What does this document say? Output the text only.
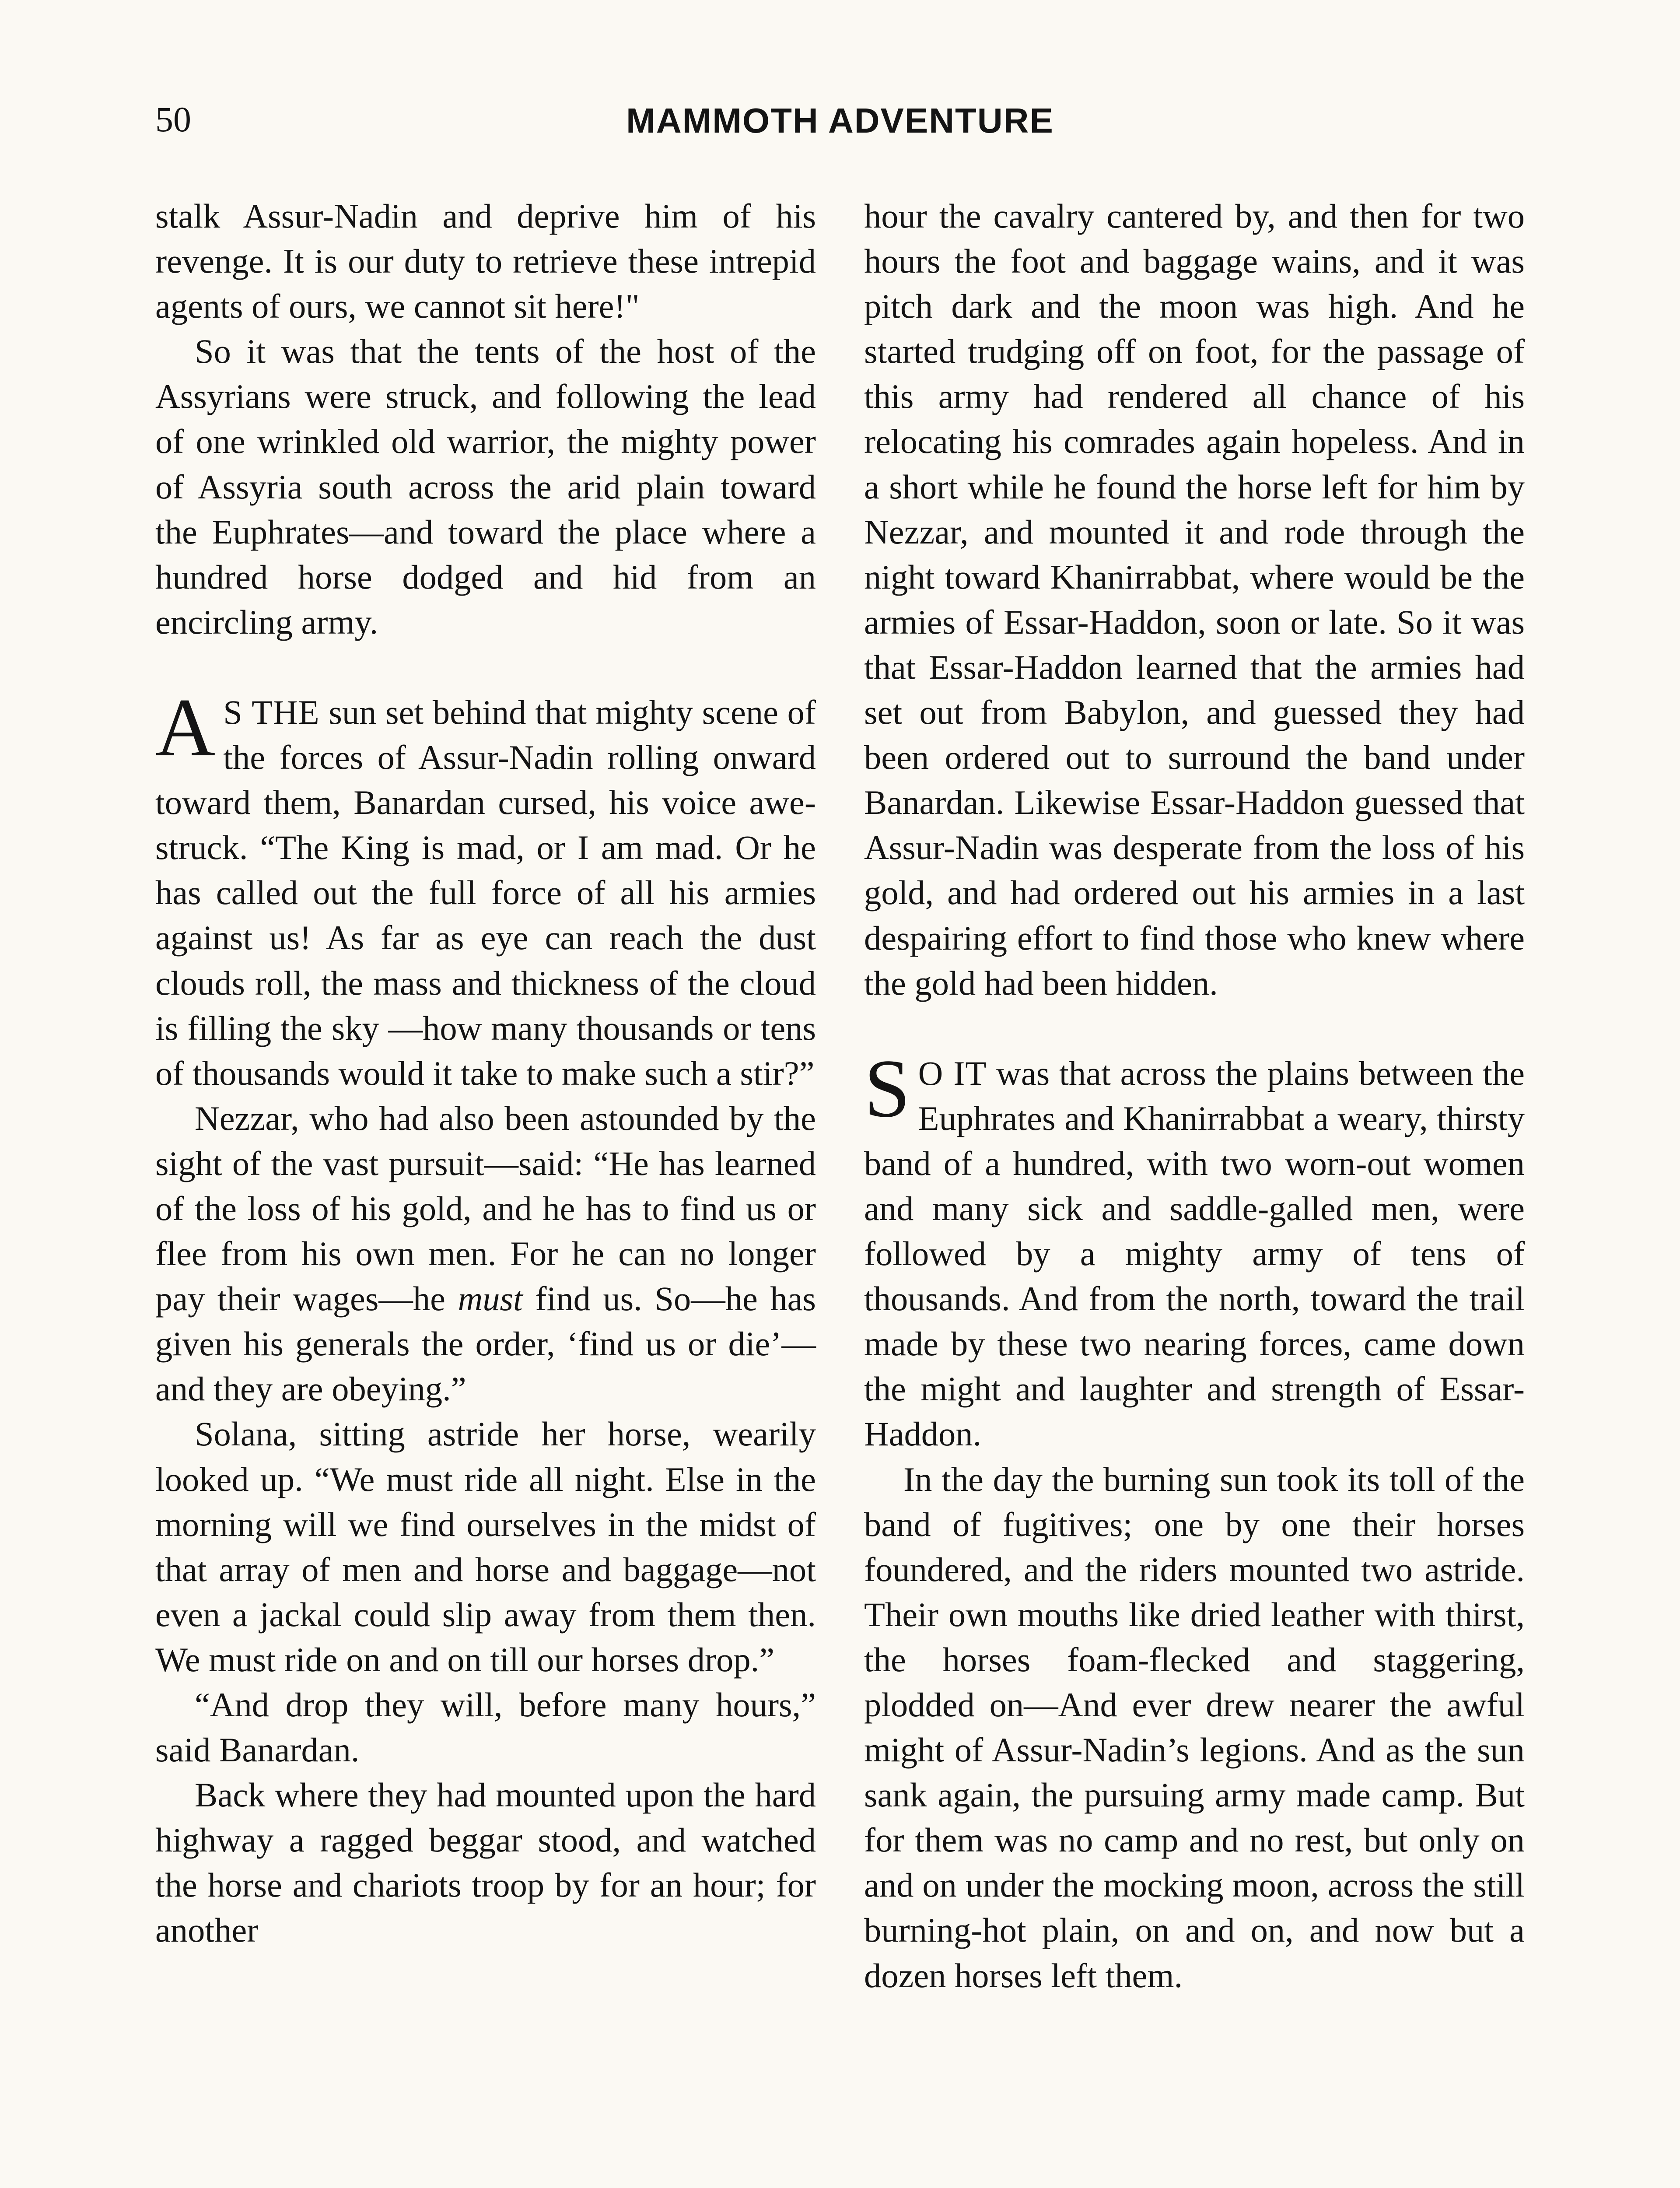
50	MAMMOTH ADVENTURE

stalk Assur-Nadin and deprive him of his revenge. It is our duty to retrieve these intrepid agents of ours, we cannot sit here!"

So it was that the tents of the host of the Assyrians were struck, and following the lead of one wrinkled old warrior, the mighty power of Assyria south across the arid plain toward the Euphrates—and toward the place where a hundred horse dodged and hid from an encircling army.

A S THE sun set behind that mighty scene of the forces of Assur-Nadin rolling onward toward them, Banardan cursed, his voice awe-struck. “The King is mad, or I am mad. Or he has called out the full force of all his armies against us! As far as eye can reach the dust clouds roll, the mass and thickness of the cloud is filling the sky —how many thousands or tens of thousands would it take to make such a stir?”

Nezzar, who had also been astounded by the sight of the vast pursuit—said: “He has learned of the loss of his gold, and he has to find us or flee from his own men. For he can no longer pay their wages—he must find us. So—he has given his generals the order, ‘find us or die’—and they are obeying.”

Solana, sitting astride her horse, wearily looked up. “We must ride all night. Else in the morning will we find ourselves in the midst of that array of men and horse and baggage—not even a jackal could slip away from them then. We must ride on and on till our horses drop.”

“And drop they will, before many hours,” said Banardan.

Back where they had mounted upon the hard highway a ragged beggar stood, and watched the horse and chariots troop by for an hour; for another

hour the cavalry cantered by, and then for two hours the foot and baggage wains, and it was pitch dark and the moon was high. And he started trudging off on foot, for the passage of this army had rendered all chance of his relocating his comrades again hopeless. And in a short while he found the horse left for him by Nezzar, and mounted it and rode through the night toward Khanirrabbat, where would be the armies of Essar-Haddon, soon or late. So it was that Essar-Haddon learned that the armies had set out from Babylon, and guessed they had been ordered out to surround the band under Banardan. Likewise Essar-Haddon guessed that Assur-Nadin was desperate from the loss of his gold, and had ordered out his armies in a last despairing effort to find those who knew where the gold had been hidden.

S O IT was that across the plains between the Euphrates and Khanirrabbat a weary, thirsty band of a hundred, with two worn-out women and many sick and saddle-galled men, were followed by a mighty army of tens of thousands. And from the north, toward the trail made by these two nearing forces, came down the might and laughter and strength of Essar-Haddon.

In the day the burning sun took its toll of the band of fugitives; one by one their horses foundered, and the riders mounted two astride. Their own mouths like dried leather with thirst, the horses foam-flecked and staggering, plodded on—And ever drew nearer the awful might of Assur-Nadin’s legions. And as the sun sank again, the pursuing army made camp. But for them was no camp and no rest, but only on and on under the mocking moon, across the still burning-hot plain, on and on, and now but a dozen horses left them.
